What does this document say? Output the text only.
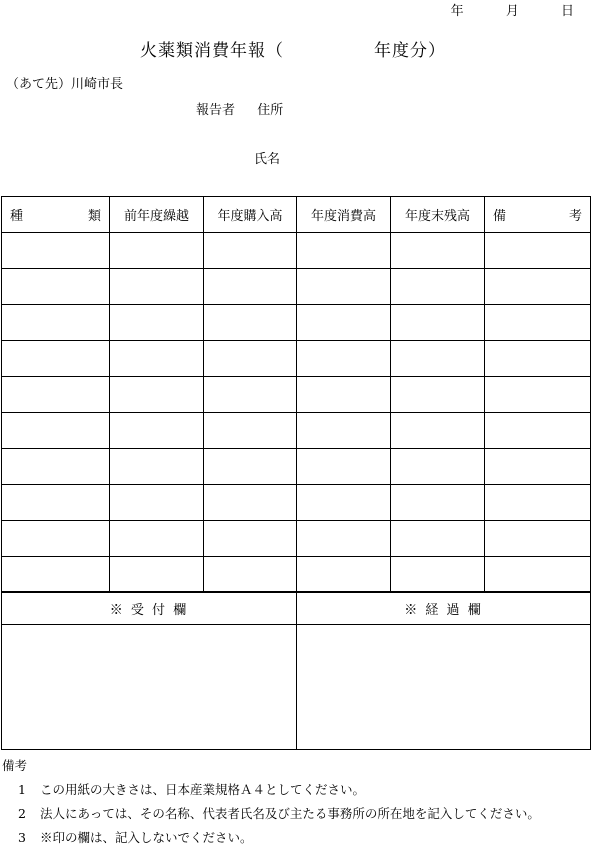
年	月	日
火薬類消費年報（　　　　　年度分）
（あて先）川崎市長
報告者 住所
氏名
種 類	前年度繰越	年度購入高	年度消費高	年度末残高	備 考

※ 受 付 欄	※ 経 過 欄

備考
1 この用紙の大きさは、日本産業規格Ａ４としてください。
2 法人にあっては、その名称、代表者氏名及び主たる事務所の所在地を記入してください。
3 ※印の欄は、記入しないでください。
